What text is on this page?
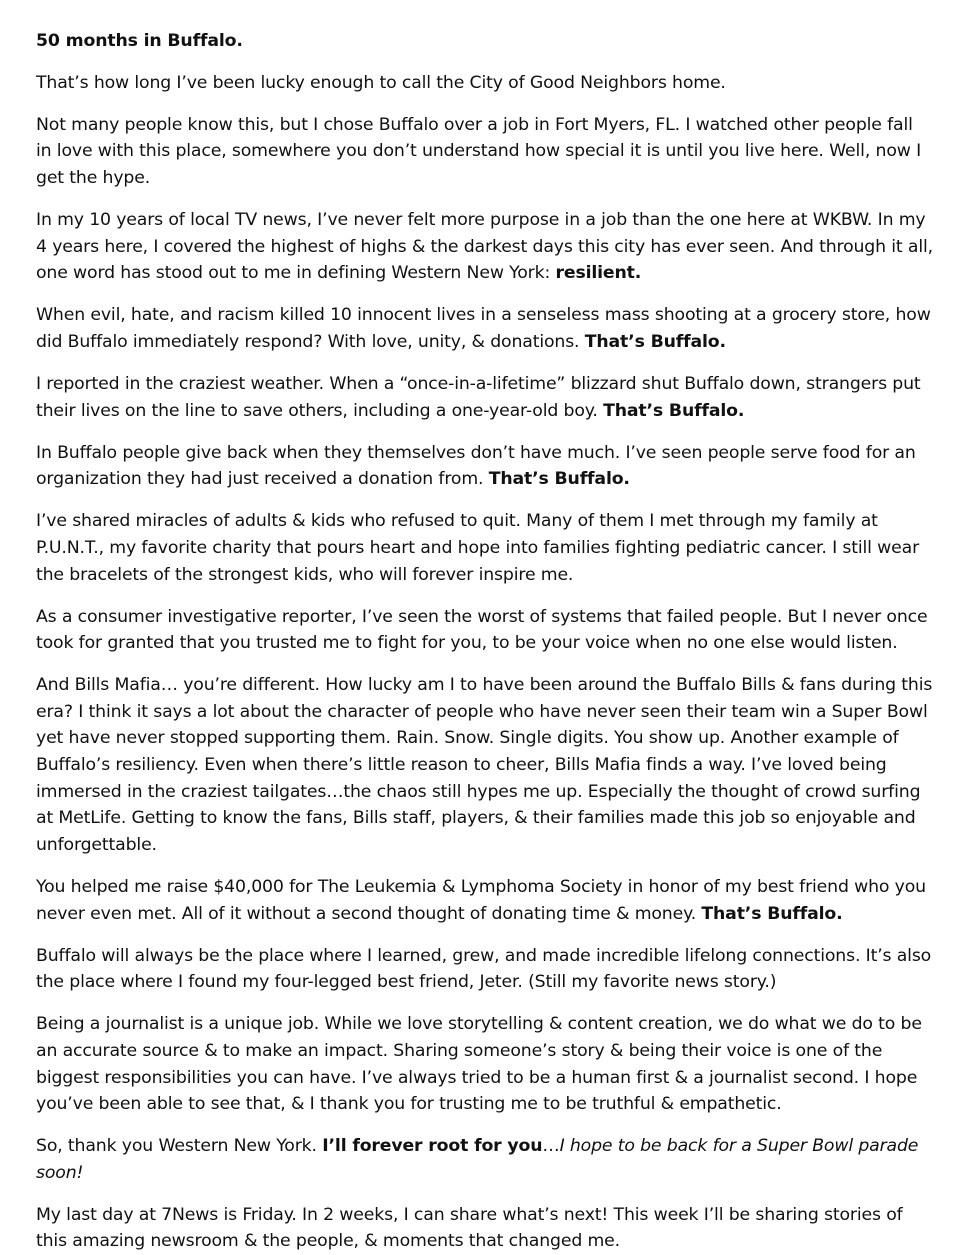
50 months in Buffalo.

That’s how long I’ve been lucky enough to call the City of Good Neighbors home.

Not many people know this, but I chose Buffalo over a job in Fort Myers, FL. I watched other people fall in love with this place, somewhere you don’t understand how special it is until you live here. Well, now I get the hype.

In my 10 years of local TV news, I’ve never felt more purpose in a job than the one here at WKBW. In my 4 years here, I covered the highest of highs & the darkest days this city has ever seen. And through it all, one word has stood out to me in defining Western New York: resilient.

When evil, hate, and racism killed 10 innocent lives in a senseless mass shooting at a grocery store, how did Buffalo immediately respond? With love, unity, & donations. That’s Buffalo.

I reported in the craziest weather. When a “once-in-a-lifetime” blizzard shut Buffalo down, strangers put their lives on the line to save others, including a one-year-old boy. That’s Buffalo.

In Buffalo people give back when they themselves don’t have much. I’ve seen people serve food for an organization they had just received a donation from. That’s Buffalo.

I’ve shared miracles of adults & kids who refused to quit. Many of them I met through my family at P.U.N.T., my favorite charity that pours heart and hope into families fighting pediatric cancer. I still wear the bracelets of the strongest kids, who will forever inspire me.

As a consumer investigative reporter, I’ve seen the worst of systems that failed people. But I never once took for granted that you trusted me to fight for you, to be your voice when no one else would listen.

And Bills Mafia… you’re different. How lucky am I to have been around the Buffalo Bills & fans during this era? I think it says a lot about the character of people who have never seen their team win a Super Bowl yet have never stopped supporting them. Rain. Snow. Single digits. You show up. Another example of Buffalo’s resiliency. Even when there’s little reason to cheer, Bills Mafia finds a way. I’ve loved being immersed in the craziest tailgates…the chaos still hypes me up. Especially the thought of crowd surfing at MetLife. Getting to know the fans, Bills staff, players, & their families made this job so enjoyable and unforgettable.

You helped me raise $40,000 for The Leukemia & Lymphoma Society in honor of my best friend who you never even met. All of it without a second thought of donating time & money. That’s Buffalo.

Buffalo will always be the place where I learned, grew, and made incredible lifelong connections. It’s also the place where I found my four-legged best friend, Jeter. (Still my favorite news story.)

Being a journalist is a unique job. While we love storytelling & content creation, we do what we do to be an accurate source & to make an impact. Sharing someone’s story & being their voice is one of the biggest responsibilities you can have. I’ve always tried to be a human first & a journalist second. I hope you’ve been able to see that, & I thank you for trusting me to be truthful & empathetic.

So, thank you Western New York. I’ll forever root for you…I hope to be back for a Super Bowl parade soon!

My last day at 7News is Friday. In 2 weeks, I can share what’s next! This week I’ll be sharing stories of this amazing newsroom & the people, & moments that changed me.
